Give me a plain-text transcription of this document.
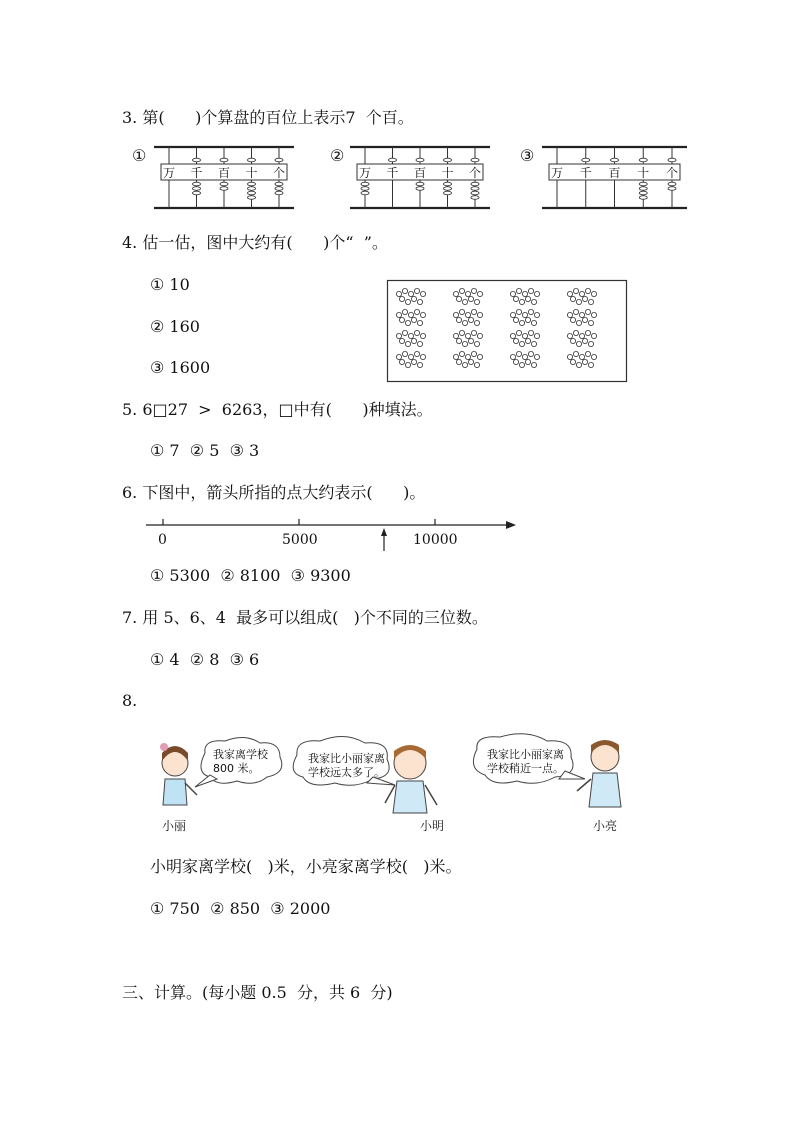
3. 第(      )个算盘的百位上表示7  个百。
①
万 千 百 十 个
②
万 千 百 十 个
③
万 千 百 十 个
4. 估一估，图中大约有(      )个“  ”。
① 10
② 160
③ 1600
5. 6□27  >  6263，□中有(      )种填法。
① 7  ② 5  ③ 3
6. 下图中，箭头所指的点大约表示(      )。
0	5000	10000
① 5300  ② 8100  ③ 9300
7. 用 5、6、4  最多可以组成(   )个不同的三位数。
① 4  ② 8  ③ 6
8.
我家离学校
800 米。
我家比小丽家离
学校远太多了。
我家比小丽家离
学校稍近一点。
小丽	小明	小亮
小明家离学校(   )米，小亮家离学校(   )米。
① 750  ② 850  ③ 2000
三、计算。(每小题 0.5  分，共 6  分)
